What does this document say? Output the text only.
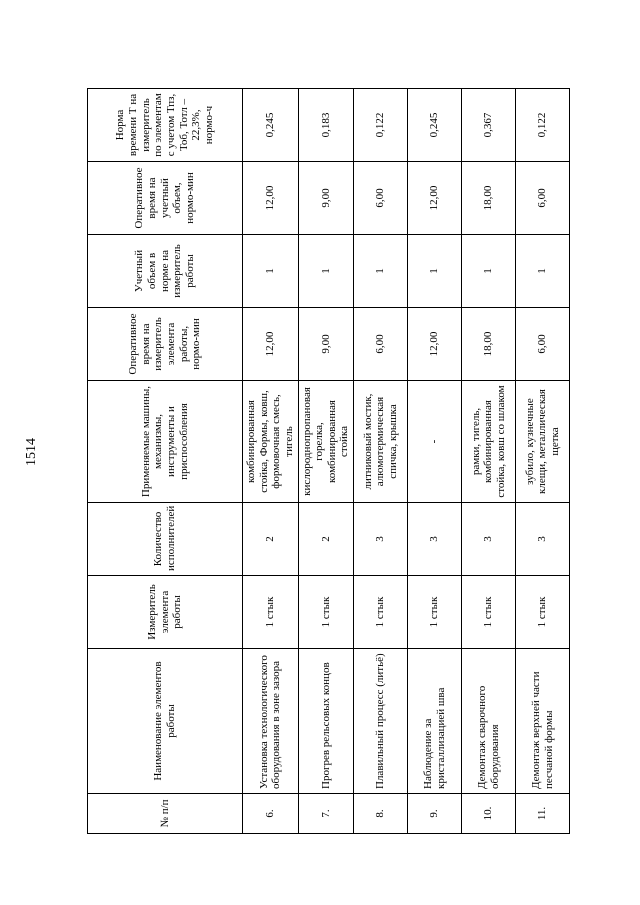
1514
№ п/п	Наименование элементов работы	Измеритель элемента работы	Количество исполнителей	Применяемые машины, механизмы, инструменты и приспособления	Оперативное время на измеритель элемента работы, нормо-мин	Учетный объем в норме на измеритель работы	Оперативное время на учетный объем, нормо-мин	Норма времени Т на измеритель по элементам с учетом Тпз, Тоб, Тотл – 22,3%, нормо-ч
6.	Установка технологического оборудования в зоне зазора	1 стык	2	комбинированная стойка, Формы, ковш, формовочная смесь, тигель	12,00	1	12,00	0,245
7.	Прогрев рельсовых концов	1 стык	2	кислороднопропановая горелка, комбинированная стойка	9,00	1	9,00	0,183
8.	Плавильный процесс (литьё)	1 стык	3	литниковый мостик, алюмотермическая спичка, крышка	6,00	1	6,00	0,122
9.	Наблюдение за кристаллизацией шва	1 стык	3	-	12,00	1	12,00	0,245
10.	Демонтаж сварочного оборудования	1 стык	3	рамки, тигель, комбинированная стойка, ковш со шлаком	18,00	1	18,00	0,367
11.	Демонтаж верхней части песчаной формы	1 стык	3	зубило, кузнечные клещи, металлическая щетка	6,00	1	6,00	0,122
